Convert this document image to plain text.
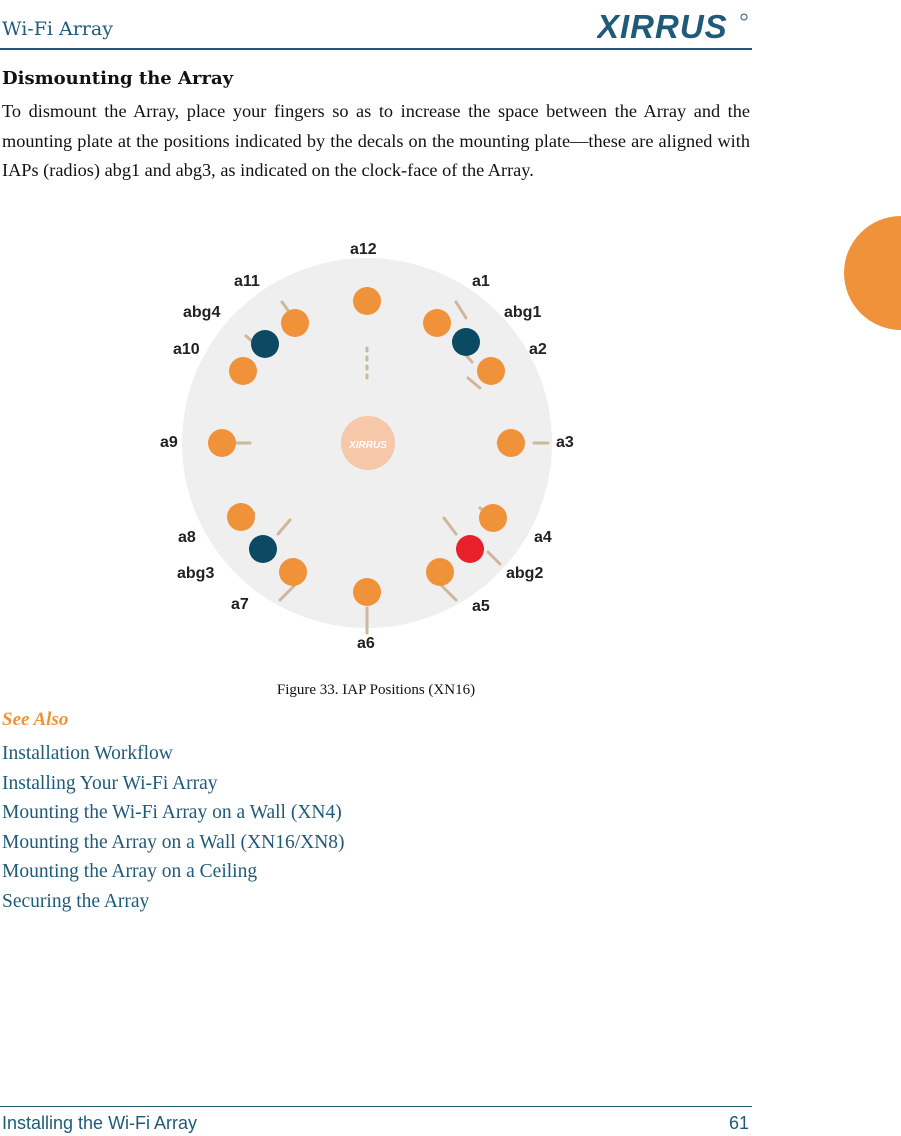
Wi-Fi Array	XIRRUS
Dismounting the Array
To dismount the Array, place your fingers so as to increase the space between the Array and the mounting plate at the positions indicated by the decals on the mounting plate—these are aligned with IAPs (radios) abg1 and abg3, as indicated on the clock-face of the Array.
XIRRUS
a12
a11	a1
abg4	abg1
a10	a2
a9	a3
a8	a4
abg3	abg2
a7	a5
a6
Figure 33. IAP Positions (XN16)
See Also
Installation Workflow
Installing Your Wi-Fi Array
Mounting the Wi-Fi Array on a Wall (XN4)
Mounting the Array on a Wall (XN16/XN8)
Mounting the Array on a Ceiling
Securing the Array
Installing the Wi-Fi Array	61
